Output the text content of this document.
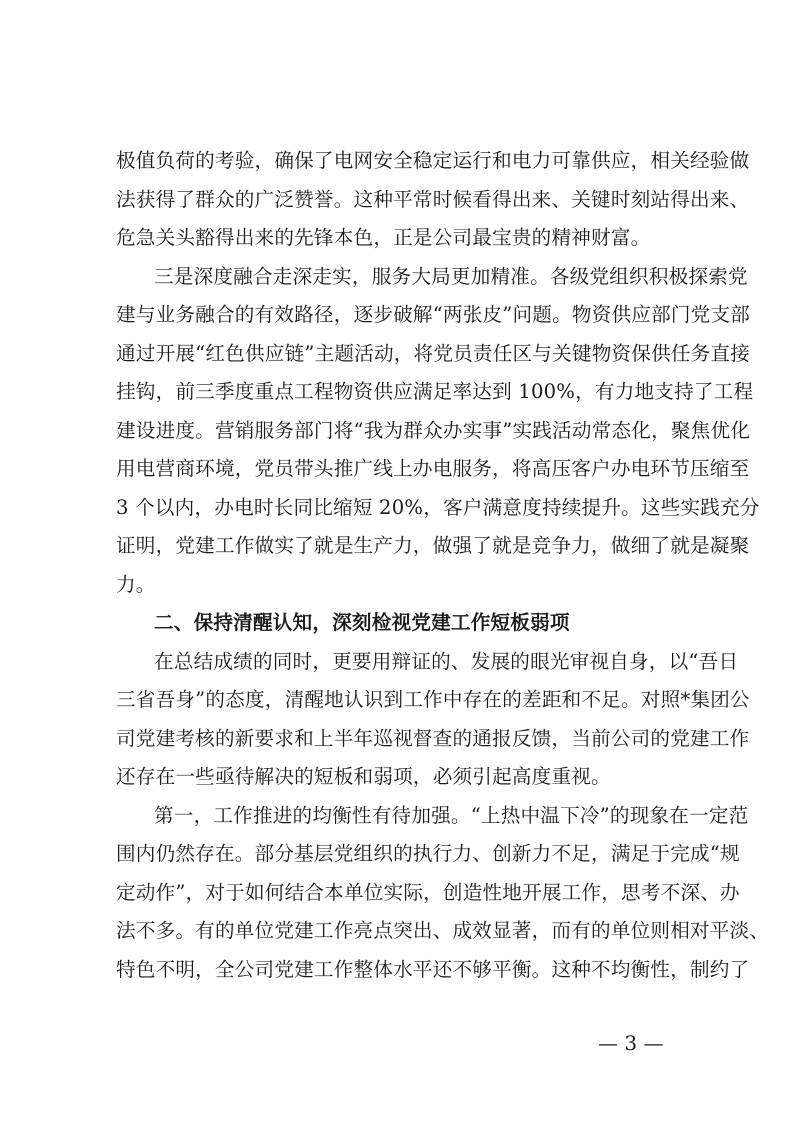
极值负荷的考验，确保了电网安全稳定运行和电力可靠供应，相关经验做
法获得了群众的广泛赞誉。这种平常时候看得出来、关键时刻站得出来、
危急关头豁得出来的先锋本色，正是公司最宝贵的精神财富。
三是深度融合走深走实，服务大局更加精准。各级党组织积极探索党
建与业务融合的有效路径，逐步破解“两张皮”问题。物资供应部门党支部
通过开展“红色供应链”主题活动，将党员责任区与关键物资保供任务直接
挂钩，前三季度重点工程物资供应满足率达到 100%，有力地支持了工程
建设进度。营销服务部门将“我为群众办实事”实践活动常态化，聚焦优化
用电营商环境，党员带头推广线上办电服务，将高压客户办电环节压缩至
3 个以内，办电时长同比缩短 20%，客户满意度持续提升。这些实践充分
证明，党建工作做实了就是生产力，做强了就是竞争力，做细了就是凝聚
力。
二、保持清醒认知，深刻检视党建工作短板弱项
在总结成绩的同时，更要用辩证的、发展的眼光审视自身，以“吾日
三省吾身”的态度，清醒地认识到工作中存在的差距和不足。对照*集团公
司党建考核的新要求和上半年巡视督查的通报反馈，当前公司的党建工作
还存在一些亟待解决的短板和弱项，必须引起高度重视。
第一，工作推进的均衡性有待加强。“上热中温下冷”的现象在一定范
围内仍然存在。部分基层党组织的执行力、创新力不足，满足于完成“规
定动作”，对于如何结合本单位实际，创造性地开展工作，思考不深、办
法不多。有的单位党建工作亮点突出、成效显著，而有的单位则相对平淡、
特色不明，全公司党建工作整体水平还不够平衡。这种不均衡性，制约了
— 3 —
